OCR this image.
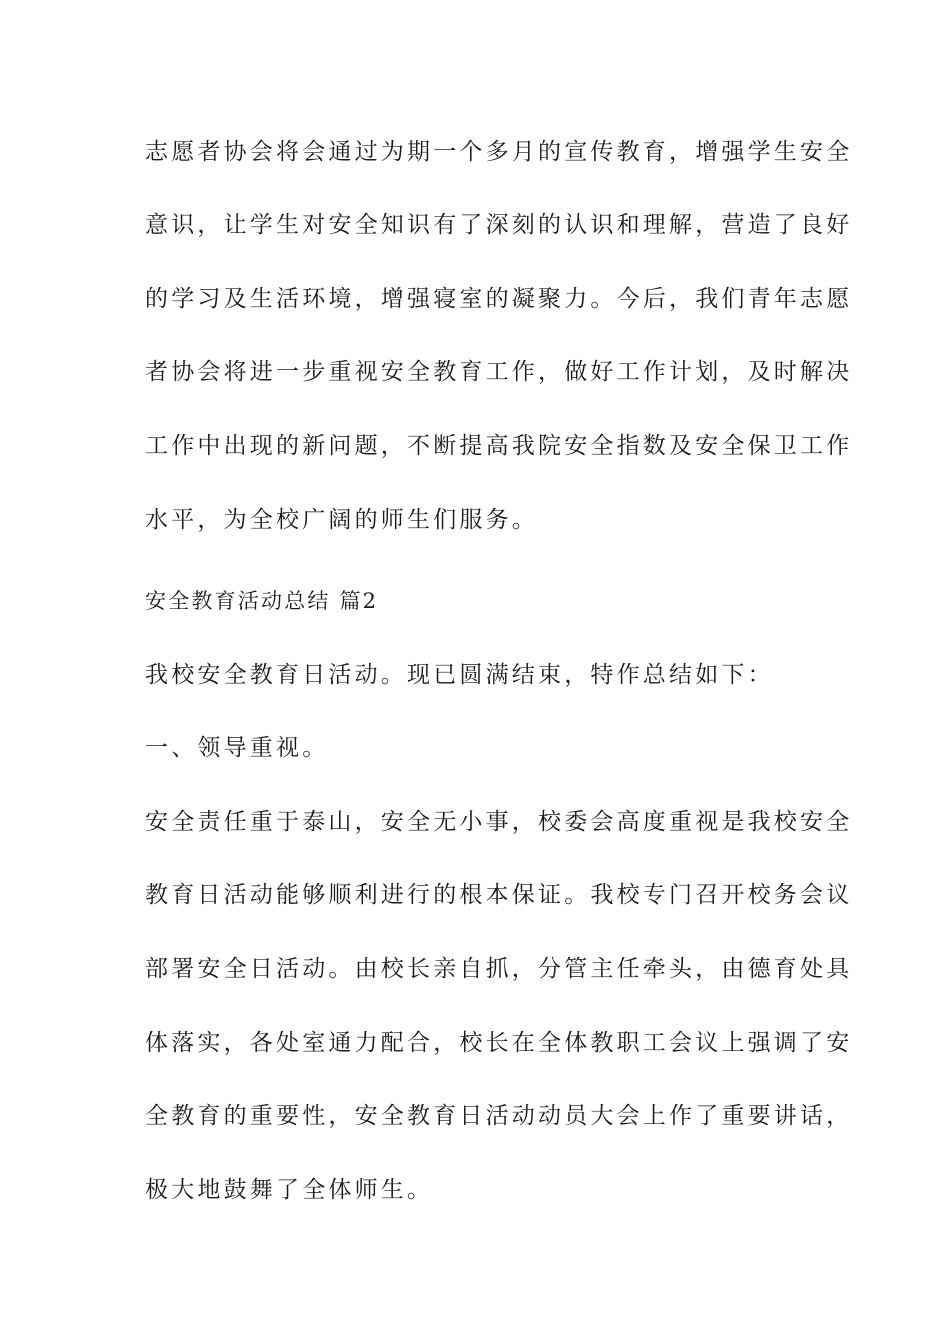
志愿者协会将会通过为期一个多月的宣传教育，增强学生安全
意识，让学生对安全知识有了深刻的认识和理解，营造了良好
的学习及生活环境，增强寝室的凝聚力。今后，我们青年志愿
者协会将进一步重视安全教育工作，做好工作计划，及时解决
工作中出现的新问题，不断提高我院安全指数及安全保卫工作
水平，为全校广阔的师生们服务。
安全教育活动总结 篇2
我校安全教育日活动。现已圆满结束，特作总结如下：
一、领导重视。
安全责任重于泰山，安全无小事，校委会高度重视是我校安全
教育日活动能够顺利进行的根本保证。我校专门召开校务会议
部署安全日活动。由校长亲自抓，分管主任牵头，由德育处具
体落实，各处室通力配合，校长在全体教职工会议上强调了安
全教育的重要性，安全教育日活动动员大会上作了重要讲话，
极大地鼓舞了全体师生。
